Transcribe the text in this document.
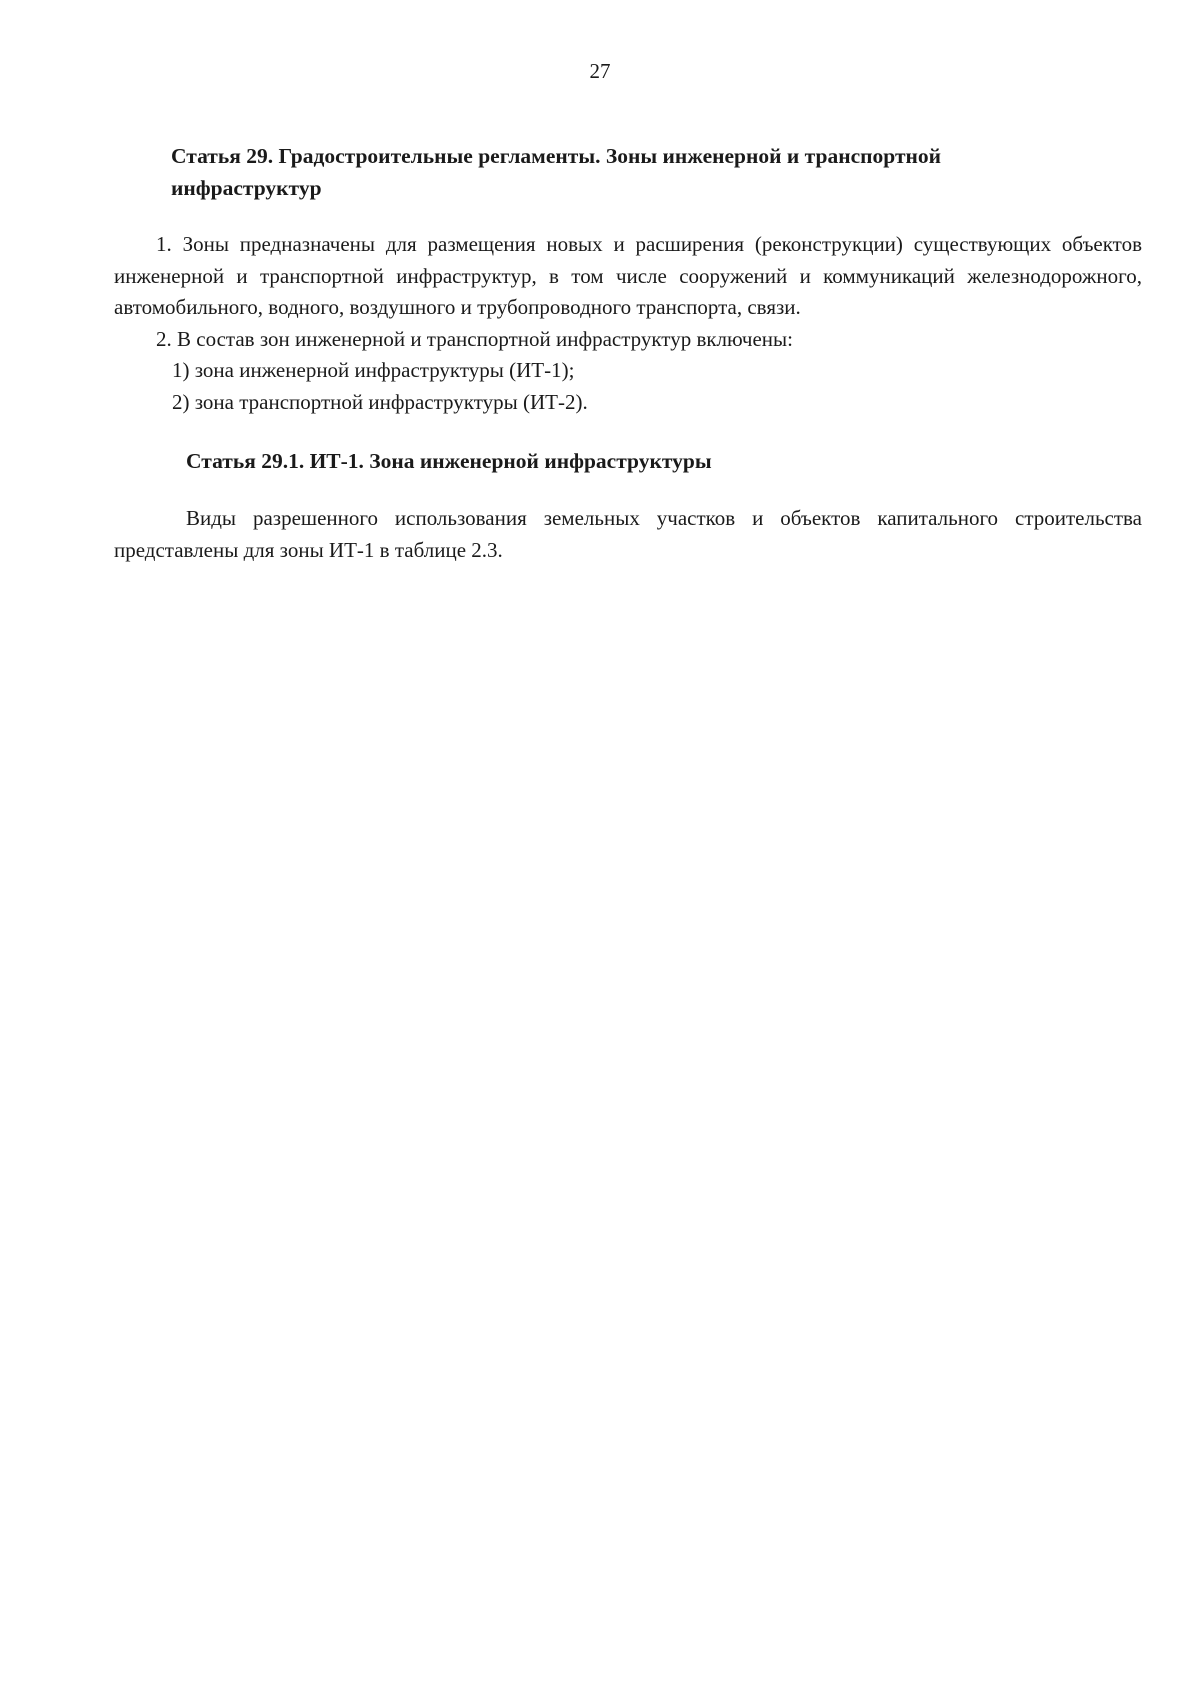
27
Статья 29. Градостроительные регламенты. Зоны инженерной и транспортной инфраструктур

1. Зоны предназначены для размещения новых и расширения (реконструкции) существующих объектов инженерной и транспортной инфраструктур, в том числе сооружений и коммуникаций железнодорожного, автомобильного, водного, воздушного и трубопроводного транспорта, связи.

2. В состав зон инженерной и транспортной инфраструктур включены:

1) зона инженерной инфраструктуры (ИТ-1);

2) зона транспортной инфраструктуры (ИТ-2).

Статья 29.1. ИТ-1. Зона инженерной инфраструктуры

Виды разрешенного использования земельных участков и объектов капитального строительства представлены для зоны ИТ-1 в таблице 2.3.
